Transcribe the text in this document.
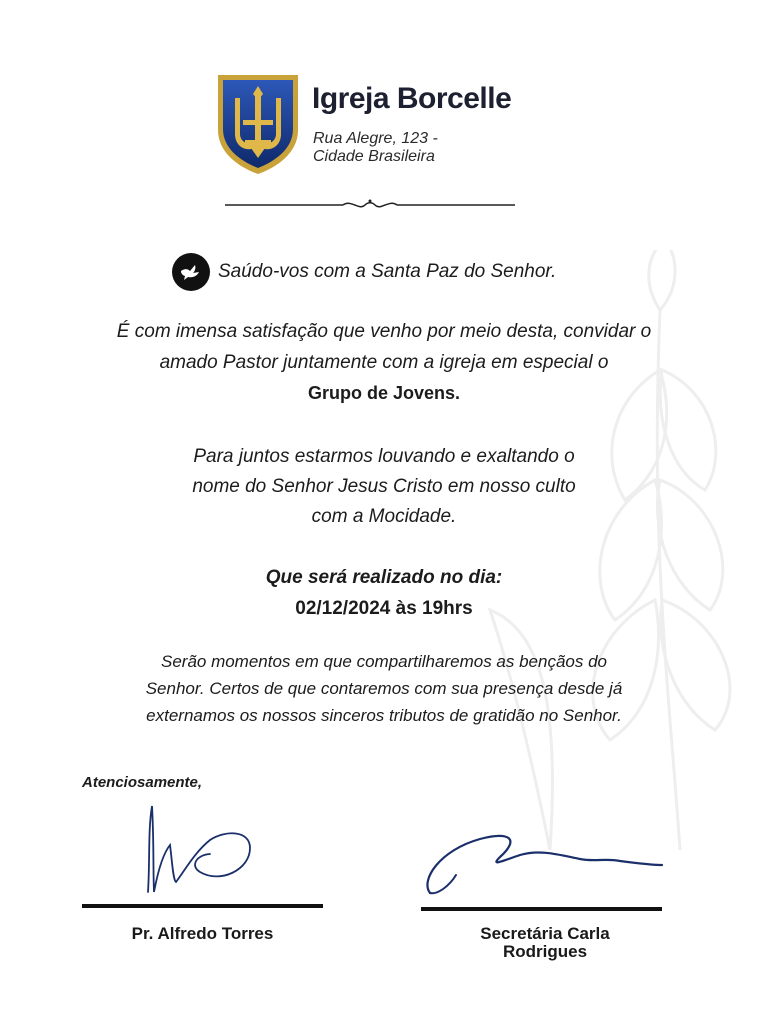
Igreja Borcelle
Rua Alegre, 123 -
Cidade Brasileira
Saúdo-vos com a Santa Paz do Senhor.
É com imensa satisfação que venho por meio desta, convidar o
amado Pastor juntamente com a igreja em especial o
Grupo de Jovens.
Para juntos estarmos louvando e exaltando o
nome do Senhor Jesus Cristo em nosso culto
com a Mocidade.
Que será realizado no dia:
02/12/2024 às 19hrs
Serão momentos em que compartilharemos as bençãos do
Senhor. Certos de que contaremos com sua presença desde já
externamos os nossos sinceros tributos de gratidão no Senhor.
Atenciosamente,
Pr. Alfredo Torres	Secretária Carla
Rodrigues
